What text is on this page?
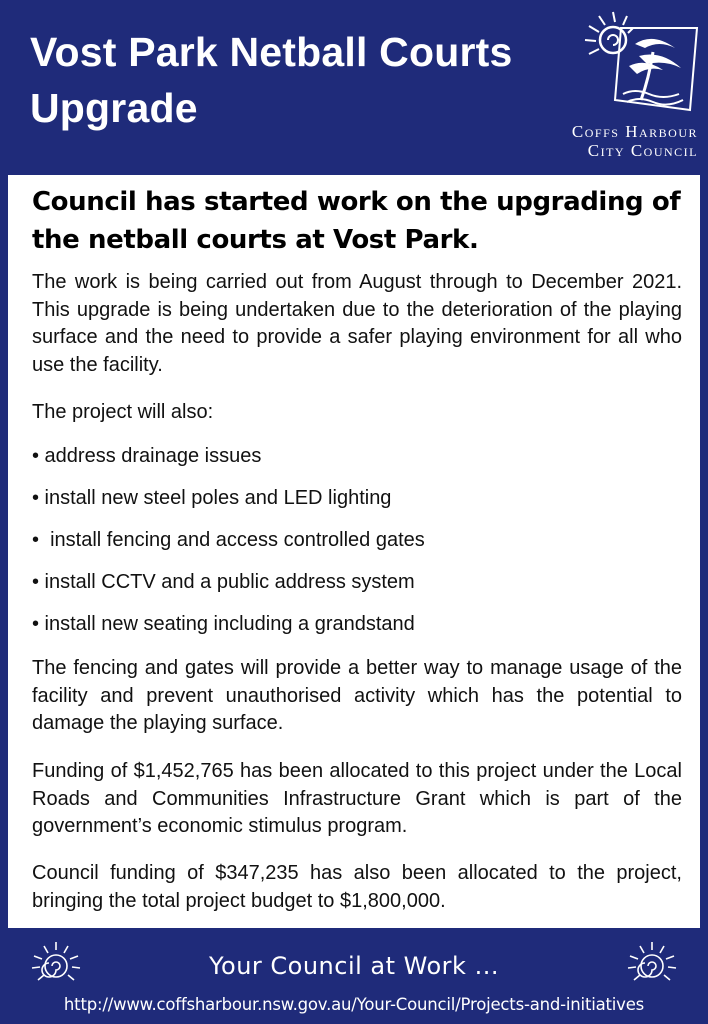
Vost Park Netball Courts Upgrade
Coffs Harbour
City Council
Council has started work on the upgrading of the netball courts at Vost Park.
The work is being carried out from August through to December 2021. This upgrade is being undertaken due to the deterioration of the playing surface and the need to provide a safer playing environment for all who use the facility.
The project will also:
• address drainage issues
• install new steel poles and LED lighting
•  install fencing and access controlled gates
• install CCTV and a public address system
• install new seating including a grandstand
The fencing and gates will provide a better way to manage usage of the facility and prevent unauthorised activity which has the potential to damage the playing surface.
Funding of $1,452,765 has been allocated to this project under the Local Roads and Communities Infrastructure Grant which is part of the government’s economic stimulus program.
Council funding of $347,235 has also been allocated to the project, bringing the total project budget to $1,800,000.
Your Council at Work ...
http://www.coffsharbour.nsw.gov.au/Your-Council/Projects-and-initiatives
